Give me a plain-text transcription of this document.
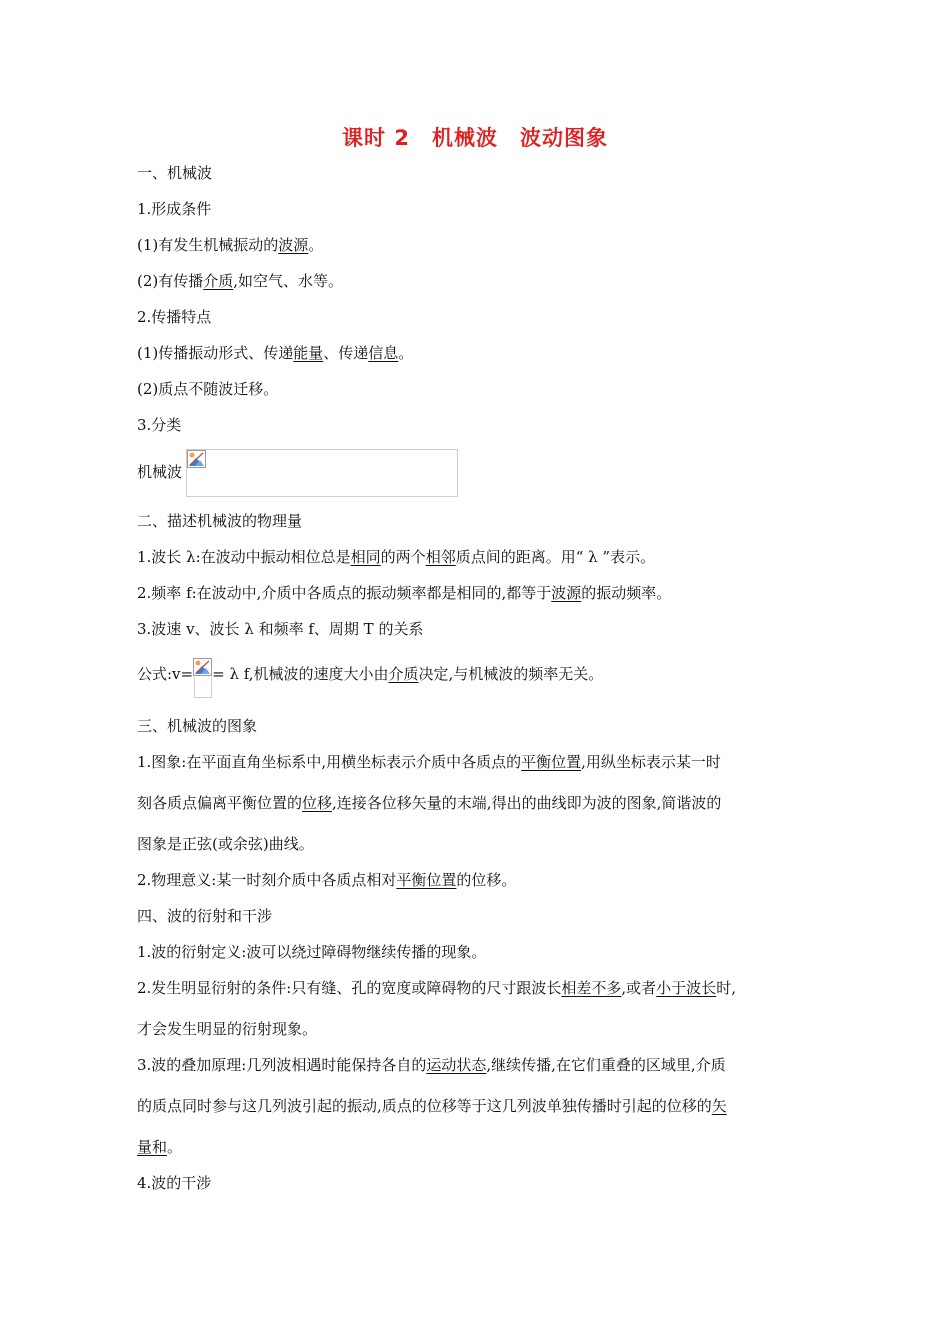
课时 2 机械波 波动图象
一、机械波
1.形成条件
(1)有发生机械振动的波源。
(2)有传播介质,如空气、水等。
2.传播特点
(1)传播振动形式、传递能量、传递信息。
(2)质点不随波迁移。
3.分类
机械波
二、描述机械波的物理量
1.波长 λ:在波动中振动相位总是相同的两个相邻质点间的距离。用“ λ ”表示。
2.频率 f:在波动中,介质中各质点的振动频率都是相同的,都等于波源的振动频率。
3.波速 v、波长 λ 和频率 f、周期 T 的关系
公式:v= = λ f,机械波的速度大小由介质决定,与机械波的频率无关。
三、机械波的图象
1.图象:在平面直角坐标系中,用横坐标表示介质中各质点的平衡位置,用纵坐标表示某一时
刻各质点偏离平衡位置的位移,连接各位移矢量的末端,得出的曲线即为波的图象,简谐波的
图象是正弦(或余弦)曲线。
2.物理意义:某一时刻介质中各质点相对平衡位置的位移。
四、波的衍射和干涉
1.波的衍射定义:波可以绕过障碍物继续传播的现象。
2.发生明显衍射的条件:只有缝、孔的宽度或障碍物的尺寸跟波长相差不多,或者小于波长时,
才会发生明显的衍射现象。
3.波的叠加原理:几列波相遇时能保持各自的运动状态,继续传播,在它们重叠的区域里,介质
的质点同时参与这几列波引起的振动,质点的位移等于这几列波单独传播时引起的位移的矢
量和。
4.波的干涉
